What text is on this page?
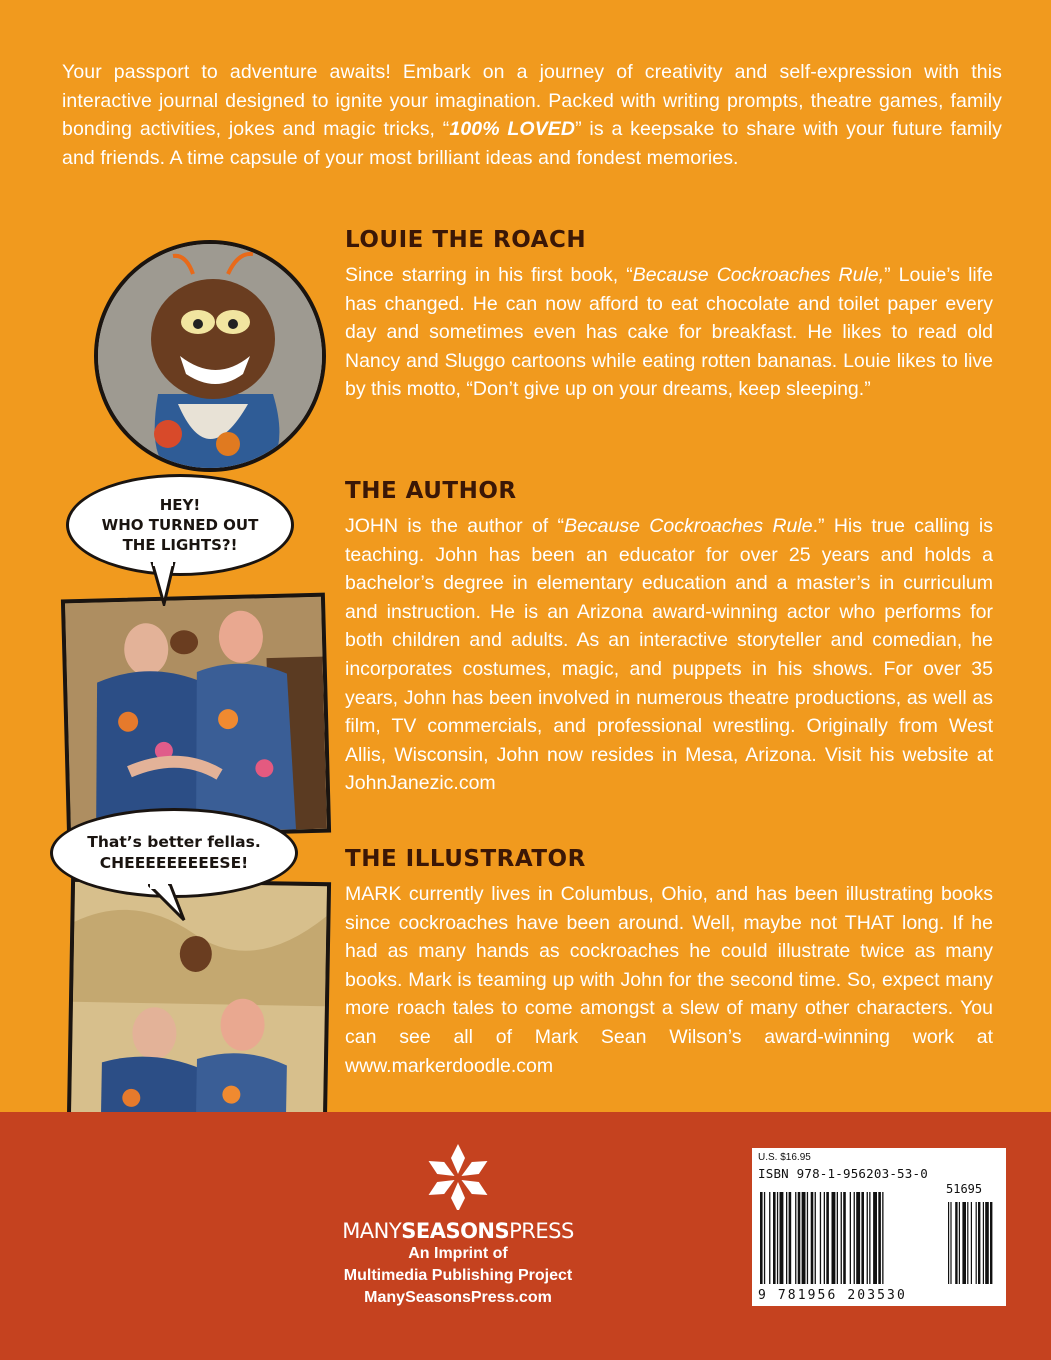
Your passport to adventure awaits! Embark on a journey of creativity and self-expression with this interactive journal designed to ignite your imagination. Packed with writing prompts, theatre games, family bonding activities, jokes and magic tricks, “100% LOVED” is a keepsake to share with your future family and friends. A time capsule of your most brilliant ideas and fondest memories.
HEY!
WHO TURNED OUT
THE LIGHTS?!
That’s better fellas.
CHEEEEEEEEESE!
LOUIE THE ROACH

Since starring in his first book, “Because Cockroaches Rule,” Louie’s life has changed. He can now afford to eat chocolate and toilet paper every day and sometimes even has cake for breakfast. He likes to read old Nancy and Sluggo cartoons while eating rotten bananas. Louie likes to live by this motto, “Don’t give up on your dreams, keep sleeping.”

THE AUTHOR

JOHN is the author of “Because Cockroaches Rule.” His true calling is teaching. John has been an educator for over 25 years and holds a bachelor’s degree in elementary education and a master’s in curriculum and instruction. He is an Arizona award-winning actor who performs for both children and adults. As an interactive storyteller and comedian, he incorporates costumes, magic, and puppets in his shows. For over 35 years, John has been involved in numerous theatre productions, as well as film, TV commercials, and professional wrestling. Originally from West Allis, Wisconsin, John now resides in Mesa, Arizona. Visit his website at JohnJanezic.com

THE ILLUSTRATOR

MARK currently lives in Columbus, Ohio, and has been illustrating books since cockroaches have been around. Well, maybe not THAT long. If he had as many hands as cockroaches he could illustrate twice as many books. Mark is teaming up with John for the second time. So, expect many more roach tales to come amongst a slew of many other characters. You can see all of Mark Sean Wilson’s award-winning work at www.markerdoodle.com

MANYSEASONSPRESS
An Imprint of
Multimedia Publishing Project
ManySeasonsPress.com
U.S. $16.95
ISBN 978-1-956203-53-0
51695
9 781956 203530
